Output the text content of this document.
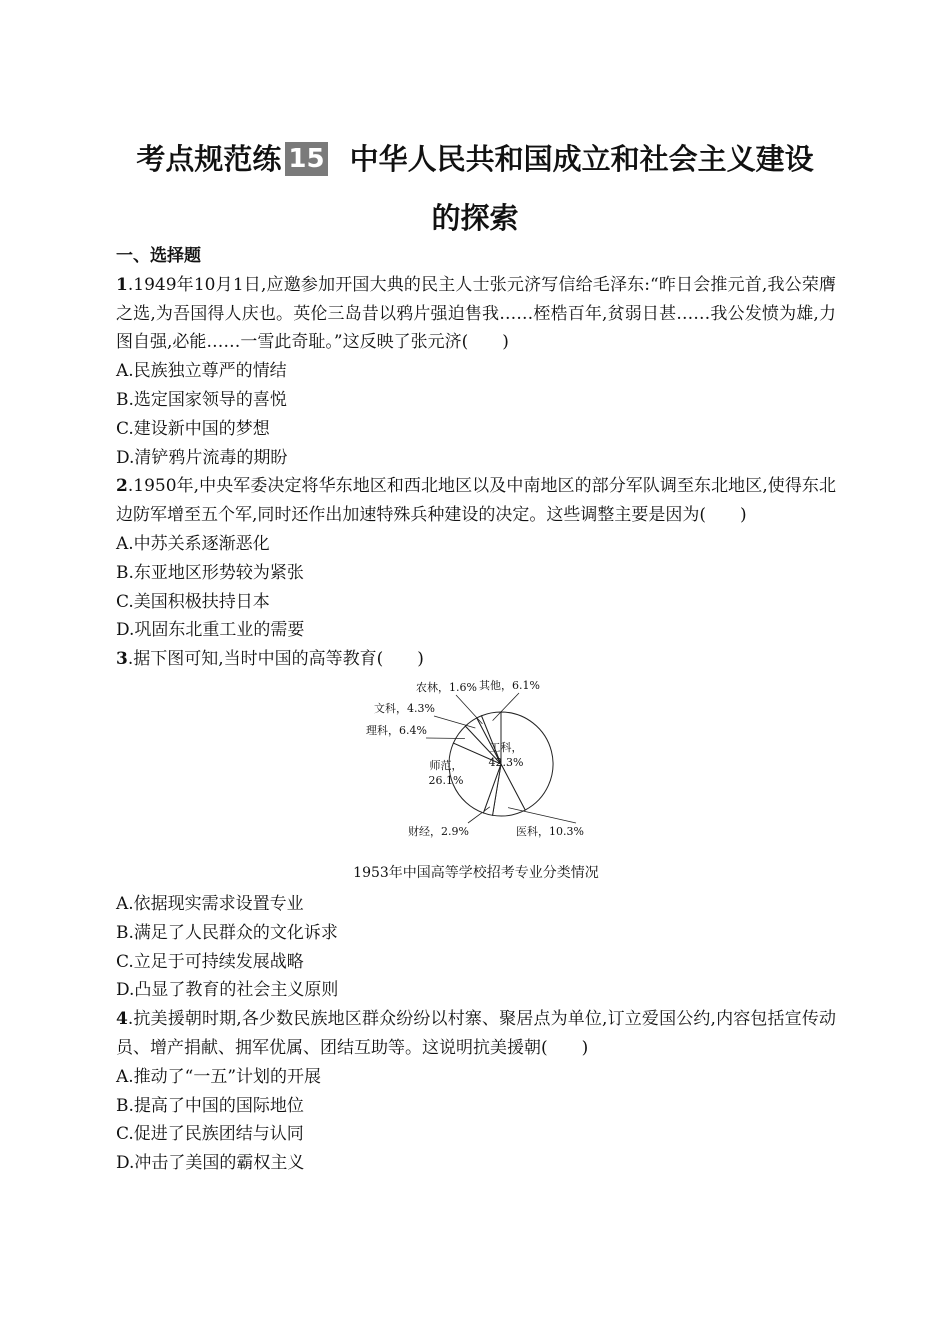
考点规范练 15 中华人民共和国成立和社会主义建设
的探索
一、选择题
1.1949年10月1日,应邀参加开国大典的民主人士张元济写信给毛泽东:“昨日会推元首,我公荣膺之选,为吾国得人庆也。英伦三岛昔以鸦片强迫售我……桎梏百年,贫弱日甚……我公发愤为雄,力图自强,必能……一雪此奇耻。”这反映了张元济(　　)
A.民族独立尊严的情结
B.选定国家领导的喜悦
C.建设新中国的梦想
D.清铲鸦片流毒的期盼
2.1950年,中央军委决定将华东地区和西北地区以及中南地区的部分军队调至东北地区,使得东北边防军增至五个军,同时还作出加速特殊兵种建设的决定。这些调整主要是因为(　　)
A.中苏关系逐渐恶化
B.东亚地区形势较为紧张
C.美国积极扶持日本
D.巩固东北重工业的需要
3.据下图可知,当时中国的高等教育(　　)
工科， 42.3%
医科，10.3%
财经，2.9%
师范， 26.1%
理科，6.4%
文科，4.3%
农林，1.6% 其他，6.1%
1953年中国高等学校招考专业分类情况
A.依据现实需求设置专业
B.满足了人民群众的文化诉求
C.立足于可持续发展战略
D.凸显了教育的社会主义原则
4.抗美援朝时期,各少数民族地区群众纷纷以村寨、聚居点为单位,订立爱国公约,内容包括宣传动员、增产捐献、拥军优属、团结互助等。这说明抗美援朝(　　)
A.推动了“一五”计划的开展
B.提高了中国的国际地位
C.促进了民族团结与认同
D.冲击了美国的霸权主义
